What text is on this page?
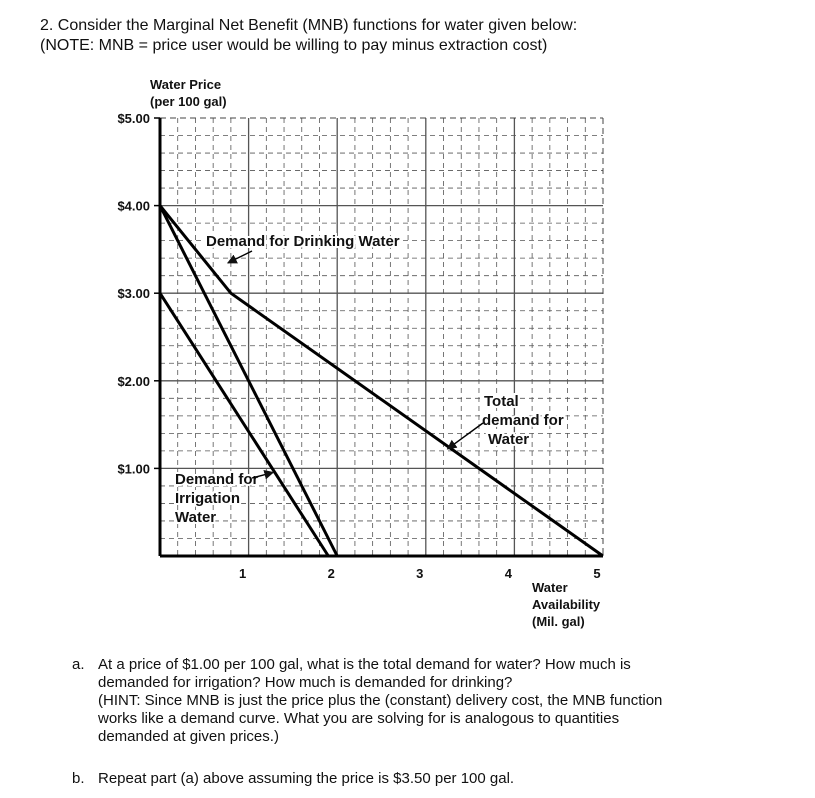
2. Consider the Marginal Net Benefit (MNB) functions for water given below:
(NOTE: MNB = price user would be willing to pay minus extraction cost)
$5.00
$4.00
$3.00
$2.00
$1.00
1	2	3	4	5
Water Price
(per 100 gal)
Water
Availability
(Mil. gal)
Demand for Drinking Water
Demand for
Irrigation
Water
Total
demand for
Water
a. At a price of $1.00 per 100 gal, what is the total demand for water? How much is
demanded for irrigation? How much is demanded for drinking?
(HINT: Since MNB is just the price plus the (constant) delivery cost, the MNB function
works like a demand curve. What you are solving for is analogous to quantities
demanded at given prices.)
b. Repeat part (a) above assuming the price is $3.50 per 100 gal.
